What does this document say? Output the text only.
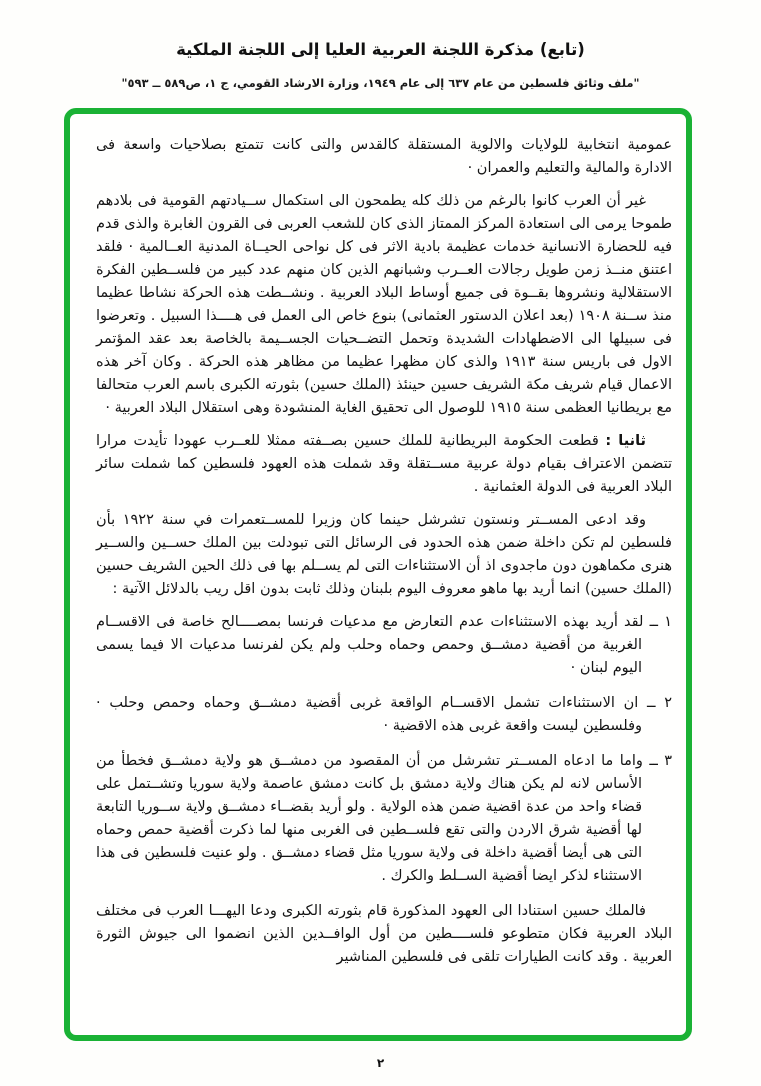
(تابع) مذكرة اللجنة العربية العليا إلى اللجنة الملكية
"ملف وثائق فلسطين من عام ٦٣٧ إلى عام ١٩٤٩، وزارة الارشاد القومي، ج ١، ص٥٨٩ ــ ٥٩٣"

عمومية انتخابية للولايات والالوية المستقلة كالقدس والتى كانت تتمتع بصلاحيات واسعة فى الادارة والمالية والتعليم والعمران ·

غير أن العرب كانوا بالرغم من ذلك كله يطمحون الى استكمال ســيادتهم القومية فى بلادهم طموحا يرمى الى استعادة المركز الممتاز الذى كان للشعب العربى فى القرون الغابرة والذى قدم فيه للحضارة الانسانية خدمات عظيمة بادية الاثر فى كل نواحى الحيــاة المدنية العــالمية · فلقد اعتنق منــذ زمن طويل رجالات العــرب وشبانهم الذين كان منهم عدد كبير من فلســطين الفكرة الاستقلالية ونشروها بقــوة فى جميع أوساط البلاد العربية . ونشــطت هذه الحركة نشاطا عظيما منذ ســنة ١٩٠٨ (بعد اعلان الدستور العثمانى) بنوع خاص الى العمل فى هــــذا السبيل . وتعرضوا فى سبيلها الى الاضطهادات الشديدة وتحمل التضــحيات الجســيمة بالخاصة بعد عقد المؤتمر الاول فى باريس سنة ١٩١٣ والذى كان مظهرا عظيما من مظاهر هذه الحركة . وكان آخر هذه الاعمال قيام شريف مكة الشريف حسين حينئذ (الملك حسين) بثورته الكبرى باسم العرب متحالفا مع بريطانيا العظمى سنة ١٩١٥ للوصول الى تحقيق الغاية المنشودة وهى استقلال البلاد العربية ·

ثانيا : قطعت الحكومة البريطانية للملك حسين بصــفته ممثلا للعــرب عهودا تأيدت مرارا تتضمن الاعتراف بقيام دولة عربية مســتقلة وقد شملت هذه العهود فلسطين كما شملت سائر البلاد العربية فى الدولة العثمانية .

وقد ادعى المســتر ونستون تشرشل حينما كان وزيرا للمســتعمرات في سنة ١٩٢٢ بأن فلسطين لم تكن داخلة ضمن هذه الحدود فى الرسائل التى تبودلت بين الملك حســين والســير هنرى مكماهون دون ماجدوى اذ أن الاستثناءات التى لم يســلم بها فى ذلك الحين الشريف حسين (الملك حسين) انما أريد بها ماهو معروف اليوم بلبنان وذلك ثابت بدون اقل ريب بالدلائل الآتية :

١ ــ لقد أريد بهذه الاستثناءات عدم التعارض مع مدعيات فرنسا بمصــــالح خاصة فى الاقســام الغربية من أقضية دمشــق وحمص وحماه وحلب ولم يكن لفرنسا مدعيات الا فيما يسمى اليوم لبنان ·

٢ ــ ان الاستثناءات تشمل الاقســام الواقعة غربى أقضية دمشــق وحماه وحمص وحلب · وفلسطين ليست واقعة غربى هذه الاقضية ·

٣ ــ واما ما ادعاه المســتر تشرشل من أن المقصود من دمشــق هو ولاية دمشــق فخطأ من الأساس لانه لم يكن هناك ولاية دمشق بل كانت دمشق عاصمة ولاية سوريا وتشــتمل على قضاء واحد من عدة اقضية ضمن هذه الولاية . ولو أريد بقضــاء دمشــق ولاية ســوريا التابعة لها أقضية شرق الاردن والتى تقع فلســطين فى الغربى منها لما ذكرت أقضية حمص وحماه التى هى أيضا أقضية داخلة فى ولاية سوريا مثل قضاء دمشــق . ولو عنيت فلسطين فى هذا الاستثناء لذكر ايضا أقضية الســلط والكرك .

فالملك حسين استنادا الى العهود المذكورة قام بثورته الكبرى ودعا اليهـــا العرب فى مختلف البلاد العربية فكان متطوعو فلســــطين من أول الوافــدين الذين انضموا الى جيوش الثورة العربية . وقد كانت الطيارات تلقى فى فلسطين المناشير

٢
